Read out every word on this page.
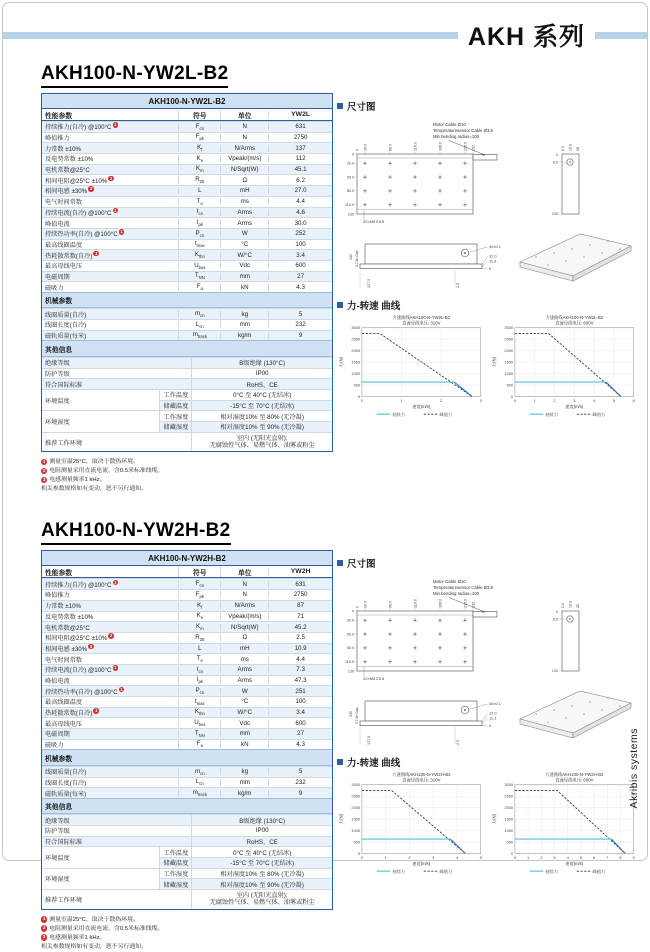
AKH 系列
AKH100-N-YW2L-B2
AKH100-N-YW2L-B2
性能参数	符号	单位	YW2L
持续推力(自冷) @100°C 1	$F_{cn}$	N	631
峰值推力	$F_{pk}$	N	2750
力常数 ±10%	$K_f$	N/Arms	137
反电势常数 ±10%	$K_e$	Vpeak/(m/s)	112
电机常数@25°C	$K_m$	N/Sqrt(W)	45.1
相间电阻@25°C ±10% 2	$R_{25}$	Ω	6.2
相间电感 ±30% 3	L	mH	27.0
电气时间常数	$T_e$	ms	4.4
持续电流(自冷) @100°C 1	$I_{cn}$	Arms	4.6
峰值电流	$I_{pk}$	Arms	30.0
持续热功率(自冷) @100°C 1	$P_{cn}$	W	252
最高线圈温度	$t_{max}$	°C	100
热耗散常数(自冷) 1	$K_{thn}$	W/°C	3.4
最高母线电压	$U_{bus}$	Vdc	600
电磁周期	$T_{NN}$	mm	27
磁吸力	$F_a$	kN	4.3
机械参数
线圈质量(自冷)	$m_{cn}$	kg	5
线圈长度(自冷)	$L_{cn}$	mm	232
磁轨质量(每米)	$m_{track}$	kg/m	9
其他信息
绝缘等级	B级绝缘 (130°C)
防护等级	IP00
符合国际标准	RoHS、CE
环境温度
工作温度	0°C 至 40°C (无结冰)
储藏温度	-15°C 至 70°C (无结冰)
环境湿度
工作湿度	相对湿度10% 至 80% (无冷凝)
储藏湿度	相对湿度10% 至 90% (无冷凝)
推荐工作环境
室内 (无阳光直射);
无腐蚀性气体、易燃气体、油雾或粉尘
1 测量室温25°C，取决于散热环境。
2 电阻测量采用直流电流，含0.5米标准线缆。
3 电感测量频率1 kHz。
相关参数规格如有变动，恕不另行通知。
尺寸图
0 16.0	66.0	116.0	166.0	216.0 232
0
20.0
50.0
80.0
110.0
130
20×M5↧5.5
Motor Cable Ø10
Temperaturesensor Cable Ø3.8
Min.bending radius=100
0.0 18.0 28
0
8.5
130
40±0.1
12.0
11.3
0
130 0.7 Air Gap
127.5	2.5
力-转速 曲线
力速曲线AKH100-N-YW2L-B2
直流母线电压: 310V
0	1	2	3
0
500
1000
1500
2000
2500
3000
力(N)
速度(m/s)
持续力	峰值力
力速曲线AKH100-N-YW2L-B2
直流母线电压: 600V
0	1	2	3	4	5	6
0
500
1000
1500
2000
2500
3000
力(N)
速度(m/s)
持续力	峰值力
AKH100-N-YW2H-B2
AKH100-N-YW2H-B2
性能参数	符号	单位	YW2H
持续推力(自冷) @100°C 1	$F_{cn}$	N	631
峰值推力	$F_{pk}$	N	2750
力常数 ±10%	$K_f$	N/Arms	87
反电势常数 ±10%	$K_e$	Vpeak/(m/s)	71
电机常数@25°C	$K_m$	N/Sqrt(W)	45.2
相间电阻@25°C ±10% 2	$R_{25}$	Ω	2.5
相间电感 ±30% 3	L	mH	10.9
电气时间常数	$T_e$	ms	4.4
持续电流(自冷) @100°C 1	$I_{cn}$	Arms	7.3
峰值电流	$I_{pk}$	Arms	47.3
持续热功率(自冷) @100°C 1	$P_{cn}$	W	251
最高线圈温度	$t_{max}$	°C	100
热耗散常数(自冷) 1	$K_{thn}$	W/°C	3.4
最高母线电压	$U_{bus}$	Vdc	600
电磁周期	$T_{NN}$	mm	27
磁吸力	$F_a$	kN	4.3
机械参数
线圈质量(自冷)	$m_{cn}$	kg	5
线圈长度(自冷)	$L_{cn}$	mm	232
磁轨质量(每米)	$m_{track}$	kg/m	9
其他信息
绝缘等级	B级绝缘 (130°C)
防护等级	IP00
符合国际标准	RoHS、CE
环境温度
工作温度	0°C 至 40°C (无结冰)
储藏温度	-15°C 至 70°C (无结冰)
环境湿度
工作湿度	相对湿度10% 至 80% (无冷凝)
储藏湿度	相对湿度10% 至 90% (无冷凝)
推荐工作环境
室内 (无阳光直射);
无腐蚀性气体、易燃气体、油雾或粉尘
1 测量室温25°C，取决于散热环境。
2 电阻测量采用直流电流，含0.5米标准线缆。
3 电感测量频率1 kHz。
相关参数规格如有变动，恕不另行通知。
尺寸图
0 16.0	66.0	116.0	166.0	216.0 232
0
20.0
50.0
80.0
110.0
130
20×M5↧5.5
Motor Cable Ø10
Temperaturesensor Cable Ø3.8
Min.bending radius=100
0.0 18.0 28
0
8.5
130
40±0.1
12.0
11.3
0
130 0.7 Air Gap
127.5	2.5
力-转速 曲线
力速曲线AKH100-N-YW2H-B2
直流母线电压: 310V
0	1	2	3	4	5
0
500
1000
1500
2000
2500
3000
力(N)
速度(m/s)
持续力	峰值力
力速曲线AKH100-N-YW2H-B2
直流母线电压: 600V
0	1	2	3	4	5	6	7	8	9
0
500
1000
1500
2000
2500
3000
力(N)
速度(m/s)
持续力	峰值力
Akribis systems
